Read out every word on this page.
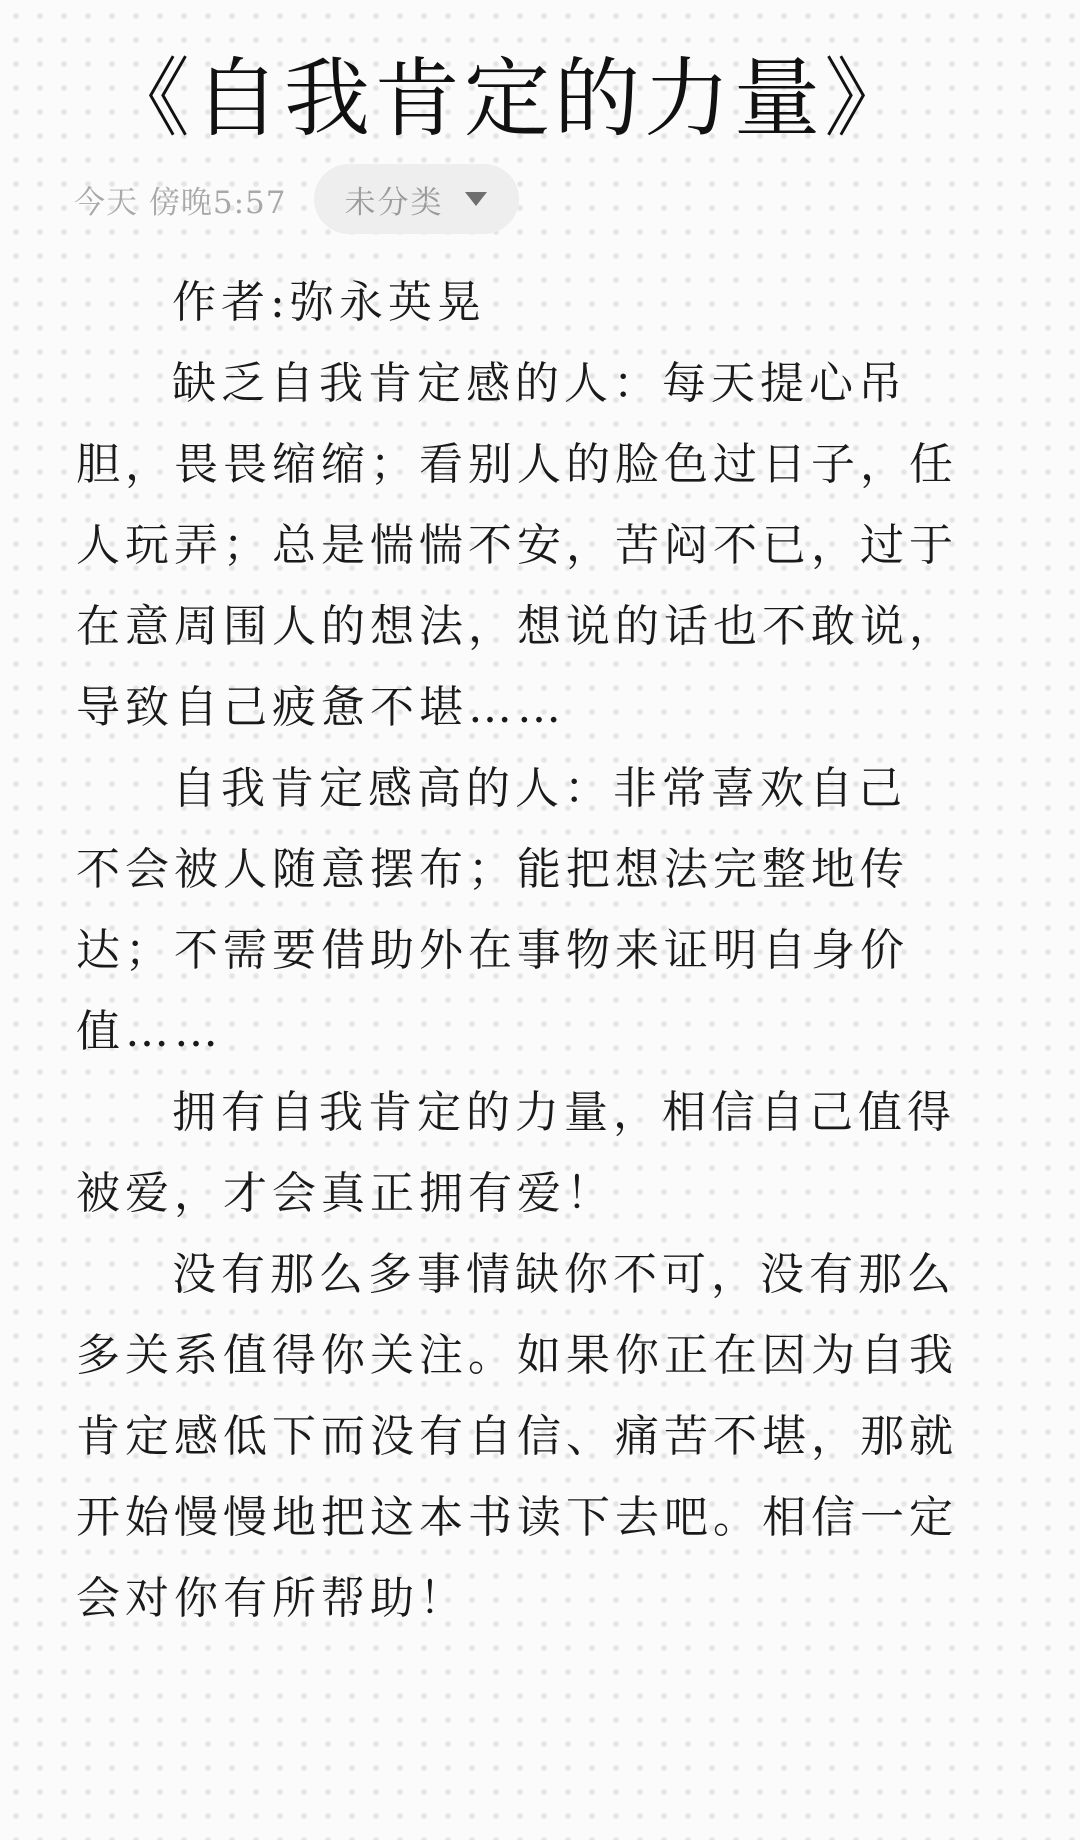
《自我肯定的力量》
今天 傍晚5:57 未分类

作者:弥永英晃

缺乏自我肯定感的人：每天提心吊胆，畏畏缩缩；看别人的脸色过日子，任人玩弄；总是惴惴不安，苦闷不已，过于在意周围人的想法，想说的话也不敢说，导致自己疲惫不堪……

自我肯定感高的人：非常喜欢自己

不会被人随意摆布；能把想法完整地传达；不需要借助外在事物来证明自身价值……

拥有自我肯定的力量，相信自己值得被爱，才会真正拥有爱！

没有那么多事情缺你不可，没有那么多关系值得你关注。如果你正在因为自我肯定感低下而没有自信、痛苦不堪，那就开始慢慢地把这本书读下去吧。相信一定会对你有所帮助！
